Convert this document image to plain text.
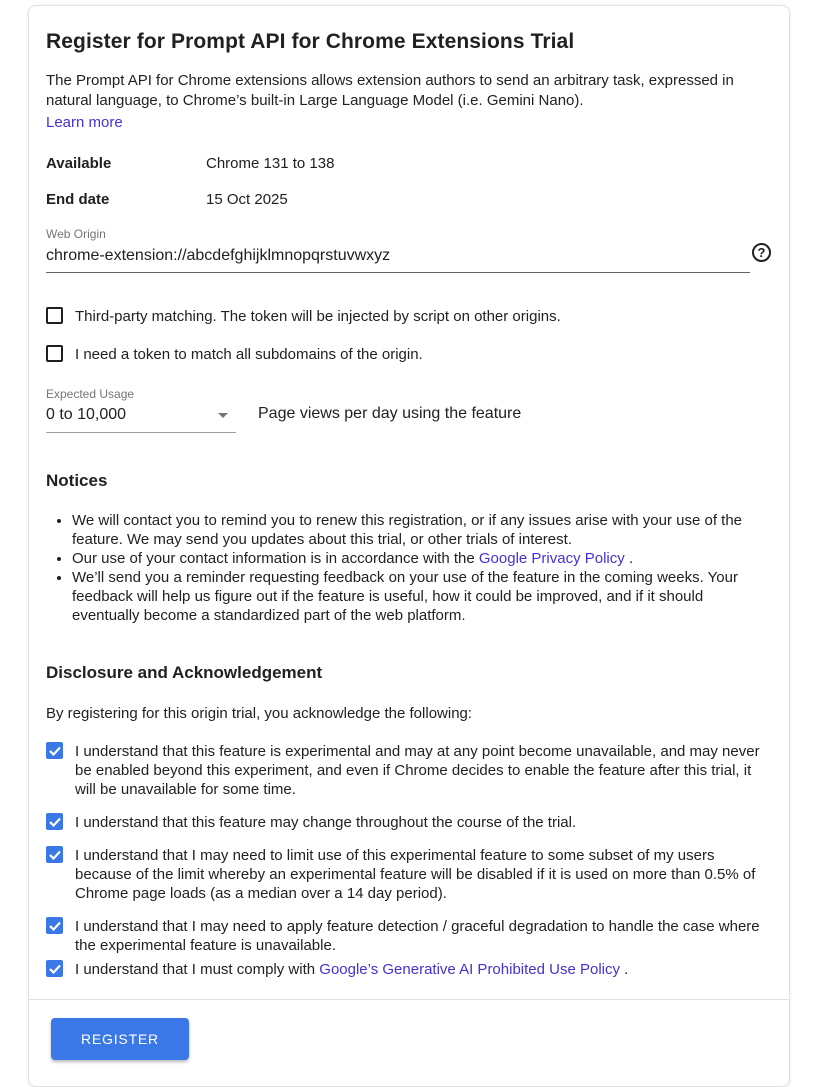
Register for Prompt API for Chrome Extensions Trial
The Prompt API for Chrome extensions allows extension authors to send an arbitrary task, expressed in natural language, to Chrome’s built-in Large Language Model (i.e. Gemini Nano).
Learn more
Available	Chrome 131 to 138
End date	15 Oct 2025
Web Origin
chrome-extension://abcdefghijklmnopqrstuvwxyz
?
Third-party matching. The token will be injected by script on other origins.
I need a token to match all subdomains of the origin.
Expected Usage
0 to 10,000	Page views per day using the feature
Notices
• We will contact you to remind you to renew this registration, or if any issues arise with your use of the feature. We may send you updates about this trial, or other trials of interest.
• Our use of your contact information is in accordance with the Google Privacy Policy .
• We’ll send you a reminder requesting feedback on your use of the feature in the coming weeks. Your feedback will help us figure out if the feature is useful, how it could be improved, and if it should eventually become a standardized part of the web platform.
Disclosure and Acknowledgement

By registering for this origin trial, you acknowledge the following:

I understand that this feature is experimental and may at any point become unavailable, and may never be enabled beyond this experiment, and even if Chrome decides to enable the feature after this trial, it will be unavailable for some time.
I understand that this feature may change throughout the course of the trial.
I understand that I may need to limit use of this experimental feature to some subset of my users because of the limit whereby an experimental feature will be disabled if it is used on more than 0.5% of Chrome page loads (as a median over a 14 day period).
I understand that I may need to apply feature detection / graceful degradation to handle the case where the experimental feature is unavailable.
I understand that I must comply with Google’s Generative AI Prohibited Use Policy .
REGISTER
